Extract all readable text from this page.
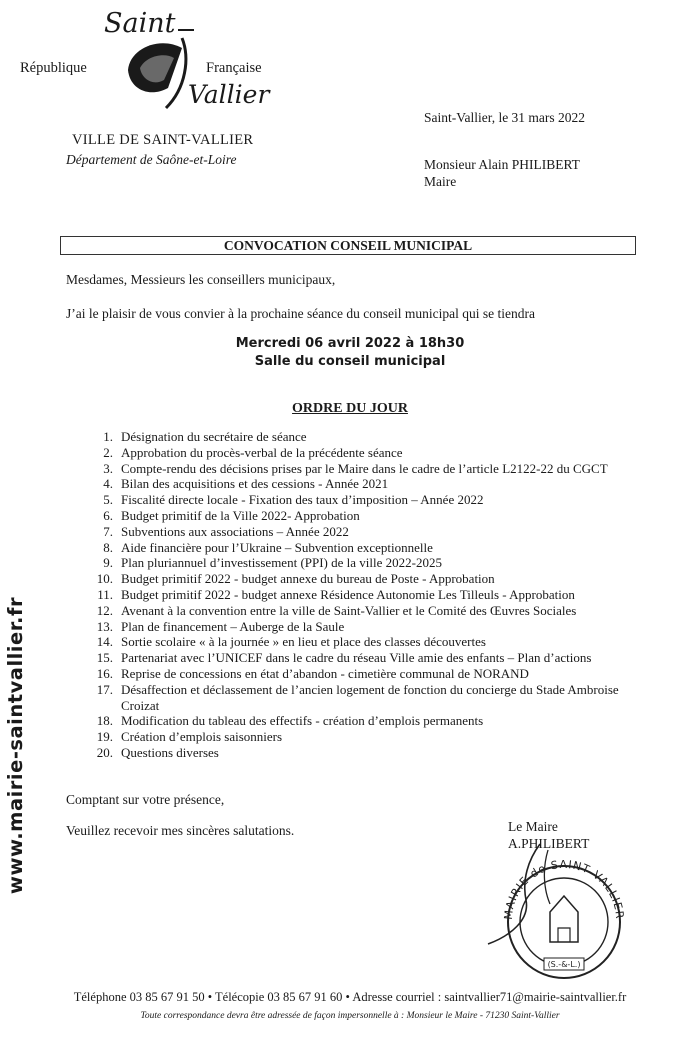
République	Française
Saint
Vallier
VILLE DE SAINT-VALLIER
Département de Saône-et-Loire
Saint-Vallier, le 31 mars 2022
Monsieur Alain PHILIBERT
Maire
CONVOCATION CONSEIL MUNICIPAL
Mesdames, Messieurs les conseillers municipaux,
J’ai le plaisir de vous convier à la prochaine séance du conseil municipal qui se tiendra
Mercredi 06 avril 2022 à 18h30
Salle du conseil municipal
ORDRE DU JOUR
1. Désignation du secrétaire de séance
2. Approbation du procès-verbal de la précédente séance
3. Compte-rendu des décisions prises par le Maire dans le cadre de l’article L2122-22 du CGCT
4. Bilan des acquisitions et des cessions - Année 2021
5. Fiscalité directe locale - Fixation des taux d’imposition – Année 2022
6. Budget primitif de la Ville 2022- Approbation
7. Subventions aux associations – Année 2022
8. Aide financière pour l’Ukraine – Subvention exceptionnelle
9. Plan pluriannuel d’investissement (PPI) de la ville 2022-2025
10. Budget primitif 2022 - budget annexe du bureau de Poste - Approbation
11. Budget primitif 2022 - budget annexe Résidence Autonomie Les Tilleuls - Approbation
12. Avenant à la convention entre la ville de Saint-Vallier et le Comité des Œuvres Sociales
13. Plan de financement – Auberge de la Saule
14. Sortie scolaire « à la journée » en lieu et place des classes découvertes
15. Partenariat avec l’UNICEF dans le cadre du réseau Ville amie des enfants – Plan d’actions
16. Reprise de concessions en état d’abandon - cimetière communal de NORAND
17. Désaffection et déclassement de l’ancien logement de fonction du concierge du Stade Ambroise Croizat
18. Modification du tableau des effectifs - création d’emplois permanents
19. Création d’emplois saisonniers
20. Questions diverses
Comptant sur votre présence,
Veuillez recevoir mes sincères salutations.	Le Maire
A.PHILIBERT
MAIRIE de SAINT VALLIER
(S.-&-L.)
www.mairie-saintvallier.fr
Téléphone 03 85 67 91 50 • Télécopie 03 85 67 91 60 • Adresse courriel : saintvallier71@mairie-saintvallier.fr
Toute correspondance devra être adressée de façon impersonnelle à : Monsieur le Maire - 71230 Saint-Vallier
